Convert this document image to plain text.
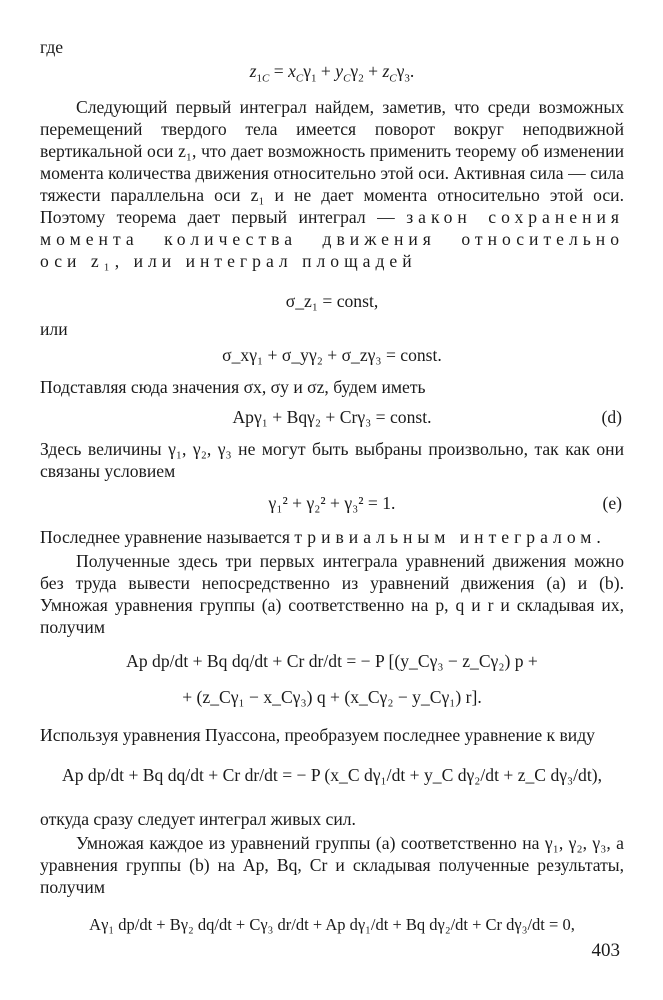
где

$z_{1C} = x_C\gamma_1 + y_C\gamma_2 + z_C\gamma_3$.

Следующий первый интеграл найдем, заметив, что среди возможных перемещений твердого тела имеется поворот вокруг неподвижной вертикальной оси z₁, что дает возможность применить теорему об изменении момента количества движения относительно этой оси. Активная сила — сила тяжести параллельна оси z₁ и не дает момента относительно этой оси. Поэтому теорема дает первый интеграл — закон сохранения момента количества движения относительно оси z₁, или интеграл площадей

σ_z₁ = const,

или

σ_xγ₁ + σ_yγ₂ + σ_zγ₃ = const.

Подставляя сюда значения σx, σy и σz, будем иметь

Apγ₁ + Bqγ₂ + Crγ₃ = const.	(d)

Здесь величины γ₁, γ₂, γ₃ не могут быть выбраны произвольно, так как они связаны условием

γ₁² + γ₂² + γ₃² = 1.	(e)

Последнее уравнение называется тривиальным интегралом.

Полученные здесь три первых интеграла уравнений движения можно без труда вывести непосредственно из уравнений движения (a) и (b). Умножая уравнения группы (a) соответственно на p, q и r и складывая их, получим

Ap dp/dt + Bq dq/dt + Cr dr/dt = − P [(y_Cγ₃ − z_Cγ₂) p +
+ (z_Cγ₁ − x_Cγ₃) q + (x_Cγ₂ − y_Cγ₁) r].

Используя уравнения Пуассона, преобразуем последнее уравнение к виду

Ap dp/dt + Bq dq/dt + Cr dr/dt = − P (x_C dγ₁/dt + y_C dγ₂/dt + z_C dγ₃/dt),

откуда сразу следует интеграл живых сил.

Умножая каждое из уравнений группы (a) соответственно на γ₁, γ₂, γ₃, а уравнения группы (b) на Ap, Bq, Cr и складывая полученные результаты, получим

Aγ₁ dp/dt + Bγ₂ dq/dt + Cγ₃ dr/dt + Ap dγ₁/dt + Bq dγ₂/dt + Cr dγ₃/dt = 0,
403
